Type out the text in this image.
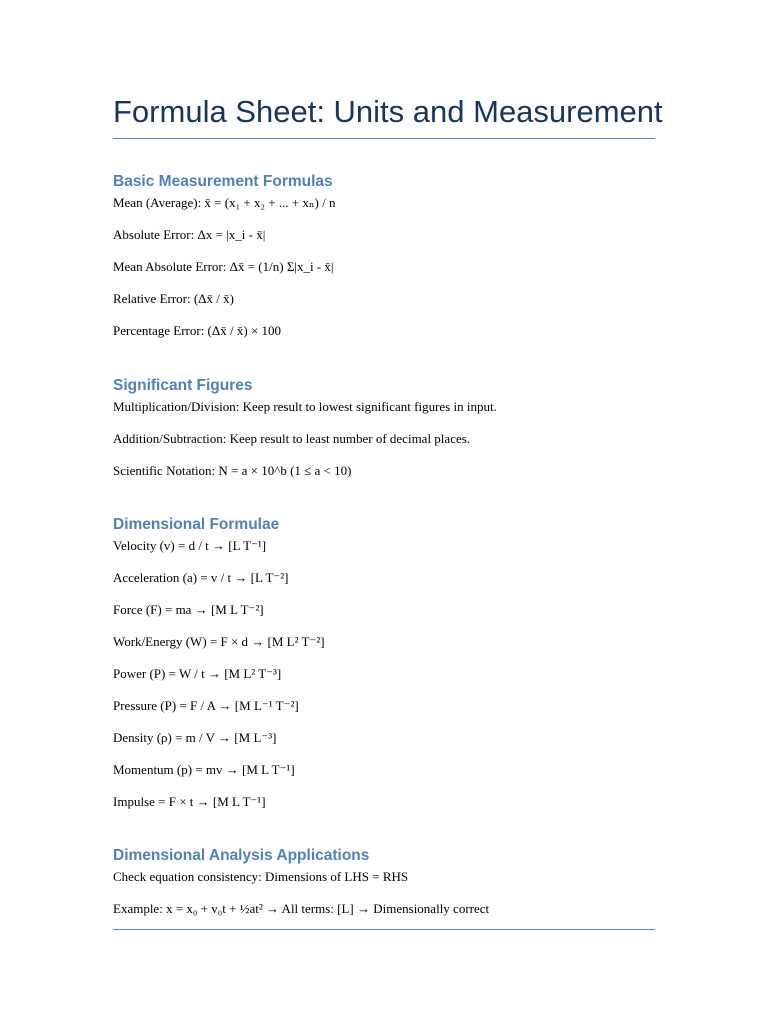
Formula Sheet: Units and Measurement
Basic Measurement Formulas
Mean (Average): x̄ = (x₁ + x₂ + ... + xₙ) / n
Absolute Error: Δx = |x_i - x̄|
Mean Absolute Error: Δx̄ = (1/n) Σ|x_i - x̄|
Relative Error: (Δx̄ / x̄)
Percentage Error: (Δx̄ / x̄) × 100
Significant Figures
Multiplication/Division: Keep result to lowest significant figures in input.
Addition/Subtraction: Keep result to least number of decimal places.
Scientific Notation: N = a × 10^b (1 ≤ a < 10)
Dimensional Formulae
Velocity (v) = d / t → [L T⁻¹]
Acceleration (a) = v / t → [L T⁻²]
Force (F) = ma → [M L T⁻²]
Work/Energy (W) = F × d → [M L² T⁻²]
Power (P) = W / t → [M L² T⁻³]
Pressure (P) = F / A → [M L⁻¹ T⁻²]
Density (ρ) = m / V → [M L⁻³]
Momentum (p) = mv → [M L T⁻¹]
Impulse = F × t → [M L T⁻¹]
Dimensional Analysis Applications
Check equation consistency: Dimensions of LHS = RHS
Example: x = x₀ + v₀t + ½at² → All terms: [L] → Dimensionally correct
